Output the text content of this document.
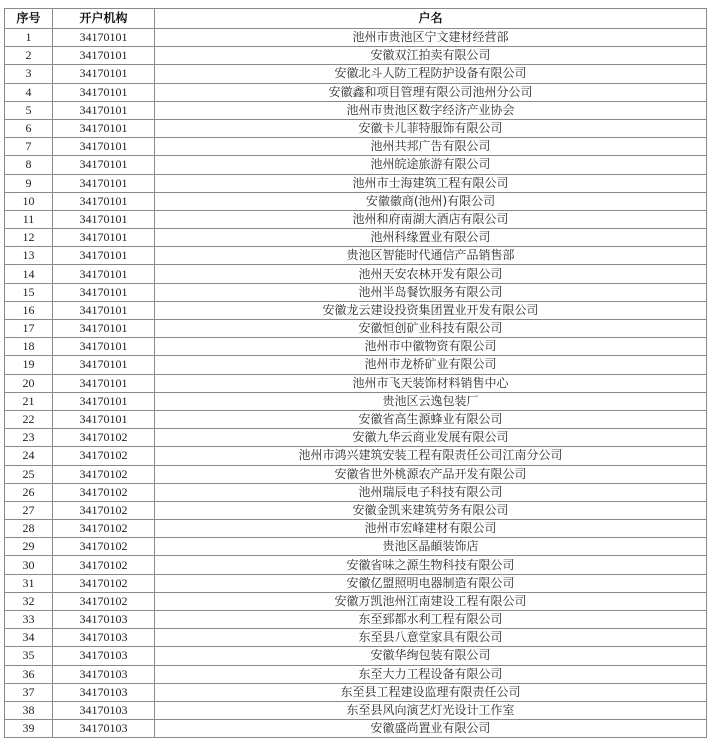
序号	开户机构	户名
1	34170101	池州市贵池区宁文建材经营部
2	34170101	安徽双江拍卖有限公司
3	34170101	安徽北斗人防工程防护设备有限公司
4	34170101	安徽鑫和项目管理有限公司池州分公司
5	34170101	池州市贵池区数字经济产业协会
6	34170101	安徽卡儿菲特服饰有限公司
7	34170101	池州共邦广告有限公司
8	34170101	池州皖途旅游有限公司
9	34170101	池州市士海建筑工程有限公司
10	34170101	安徽徽商(池州)有限公司
11	34170101	池州和府南湖大酒店有限公司
12	34170101	池州科缘置业有限公司
13	34170101	贵池区智能时代通信产品销售部
14	34170101	池州天安农林开发有限公司
15	34170101	池州半岛餐饮服务有限公司
16	34170101	安徽龙云建设投资集团置业开发有限公司
17	34170101	安徽恒创矿业科技有限公司
18	34170101	池州市中徽物资有限公司
19	34170101	池州市龙桥矿业有限公司
20	34170101	池州市飞天装饰材料销售中心
21	34170101	贵池区云逸包装厂
22	34170101	安徽省高生源蜂业有限公司
23	34170102	安徽九华云商业发展有限公司
24	34170102	池州市鸿兴建筑安装工程有限责任公司江南分公司
25	34170102	安徽省世外桃源农产品开发有限公司
26	34170102	池州瑞辰电子科技有限公司
27	34170102	安徽金凯来建筑劳务有限公司
28	34170102	池州市宏峰建材有限公司
29	34170102	贵池区晶頔装饰店
30	34170102	安徽省味之源生物科技有限公司
31	34170102	安徽亿盟照明电器制造有限公司
32	34170102	安徽万凯池州江南建设工程有限公司
33	34170103	东至郅都水利工程有限公司
34	34170103	东至县八意堂家具有限公司
35	34170103	安徽华绚包装有限公司
36	34170103	东至大力工程设备有限公司
37	34170103	东至县工程建设监理有限责任公司
38	34170103	东至县风向演艺灯光设计工作室
39	34170103	安徽盛尚置业有限公司
